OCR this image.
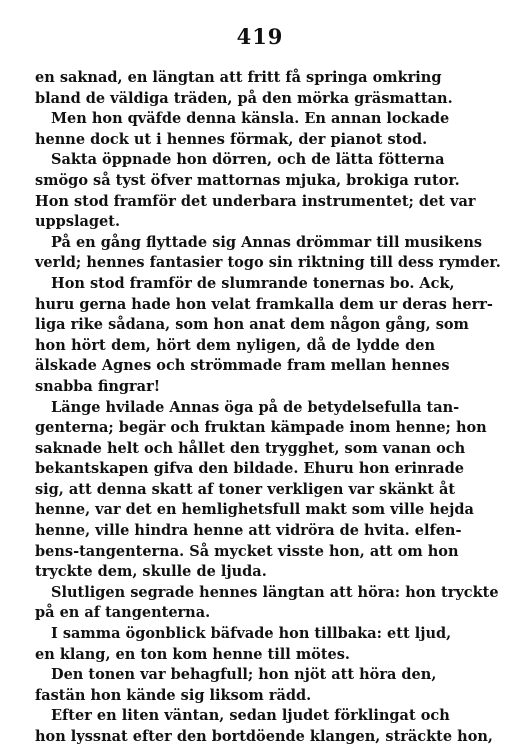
419
en saknad, en längtan att fritt få springa omkring
bland de väldiga träden, på den mörka gräsmattan.
Men hon qväfde denna känsla. En annan lockade
henne dock ut i hennes förmak, der pianot stod.
Sakta öppnade hon dörren, och de lätta fötterna
smögo så tyst öfver mattornas mjuka, brokiga rutor.
Hon stod framför det underbara instrumentet; det var
uppslaget.
På en gång flyttade sig Annas drömmar till musikens
verld; hennes fantasier togo sin riktning till dess rymder.
Hon stod framför de slumrande tonernas bo. Ack,
huru gerna hade hon velat framkalla dem ur deras herr-
liga rike sådana, som hon anat dem någon gång, som
hon hört dem, hört dem nyligen, då de lydde den
älskade Agnes och strömmade fram mellan hennes
snabba fingrar!
Länge hvilade Annas öga på de betydelsefulla tan-
genterna; begär och fruktan kämpade inom henne; hon
saknade helt och hållet den trygghet, som vanan och
bekantskapen gifva den bildade. Ehuru hon erinrade
sig, att denna skatt af toner verkligen var skänkt åt
henne, var det en hemlighetsfull makt som ville hejda
henne, ville hindra henne att vidröra de hvita. elfen-
bens-tangenterna. Så mycket visste hon, att om hon
tryckte dem, skulle de ljuda.
Slutligen segrade hennes längtan att höra: hon tryckte
på en af tangenterna.
I samma ögonblick bäfvade hon tillbaka: ett ljud,
en klang, en ton kom henne till mötes.
Den tonen var behagfull; hon njöt att höra den,
fastän hon kände sig liksom rädd.
Efter en liten väntan, sedan ljudet förklingat och
hon lyssnat efter den bortdöende klangen, sträckte hon,
